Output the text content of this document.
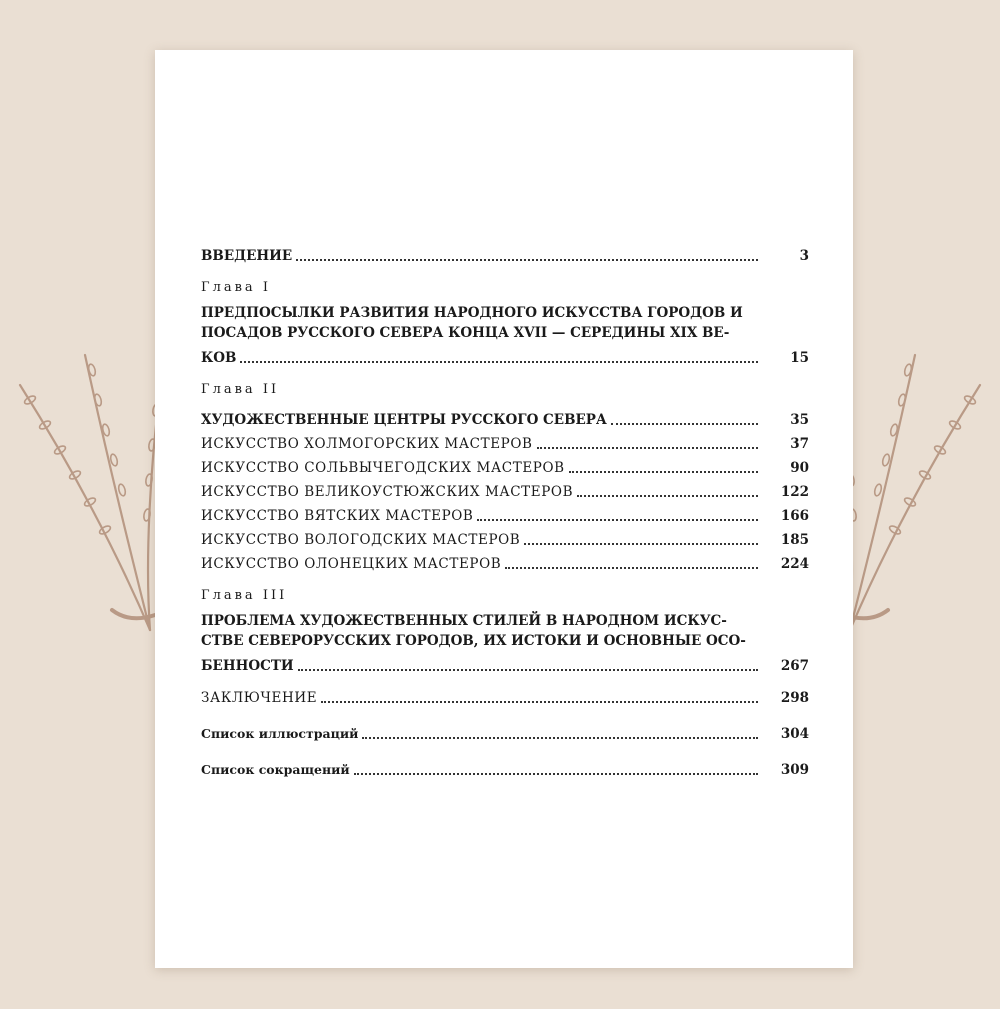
ВВЕДЕНИЕ	3
Глава I
ПРЕДПОСЫЛКИ РАЗВИТИЯ НАРОДНОГО ИСКУССТВА ГОРОДОВ И
ПОСАДОВ РУССКОГО СЕВЕРА КОНЦА XVII — СЕРЕДИНЫ XIX ВЕ-
КОВ	15
Глава II
ХУДОЖЕСТВЕННЫЕ ЦЕНТРЫ РУССКОГО СЕВЕРА	35
ИСКУССТВО ХОЛМОГОРСКИХ МАСТЕРОВ	37
ИСКУССТВО СОЛЬВЫЧЕГОДСКИХ МАСТЕРОВ	90
ИСКУССТВО ВЕЛИКОУСТЮЖСКИХ МАСТЕРОВ	122
ИСКУССТВО ВЯТСКИХ МАСТЕРОВ	166
ИСКУССТВО ВОЛОГОДСКИХ МАСТЕРОВ	185
ИСКУССТВО ОЛОНЕЦКИХ МАСТЕРОВ	224
Глава III
ПРОБЛЕМА ХУДОЖЕСТВЕННЫХ СТИЛЕЙ В НАРОДНОМ ИСКУС-
СТВЕ СЕВЕРОРУССКИХ ГОРОДОВ, ИХ ИСТОКИ И ОСНОВНЫЕ ОСО-
БЕННОСТИ	267
ЗАКЛЮЧЕНИЕ	298
Список иллюстраций	304
Список сокращений	309
